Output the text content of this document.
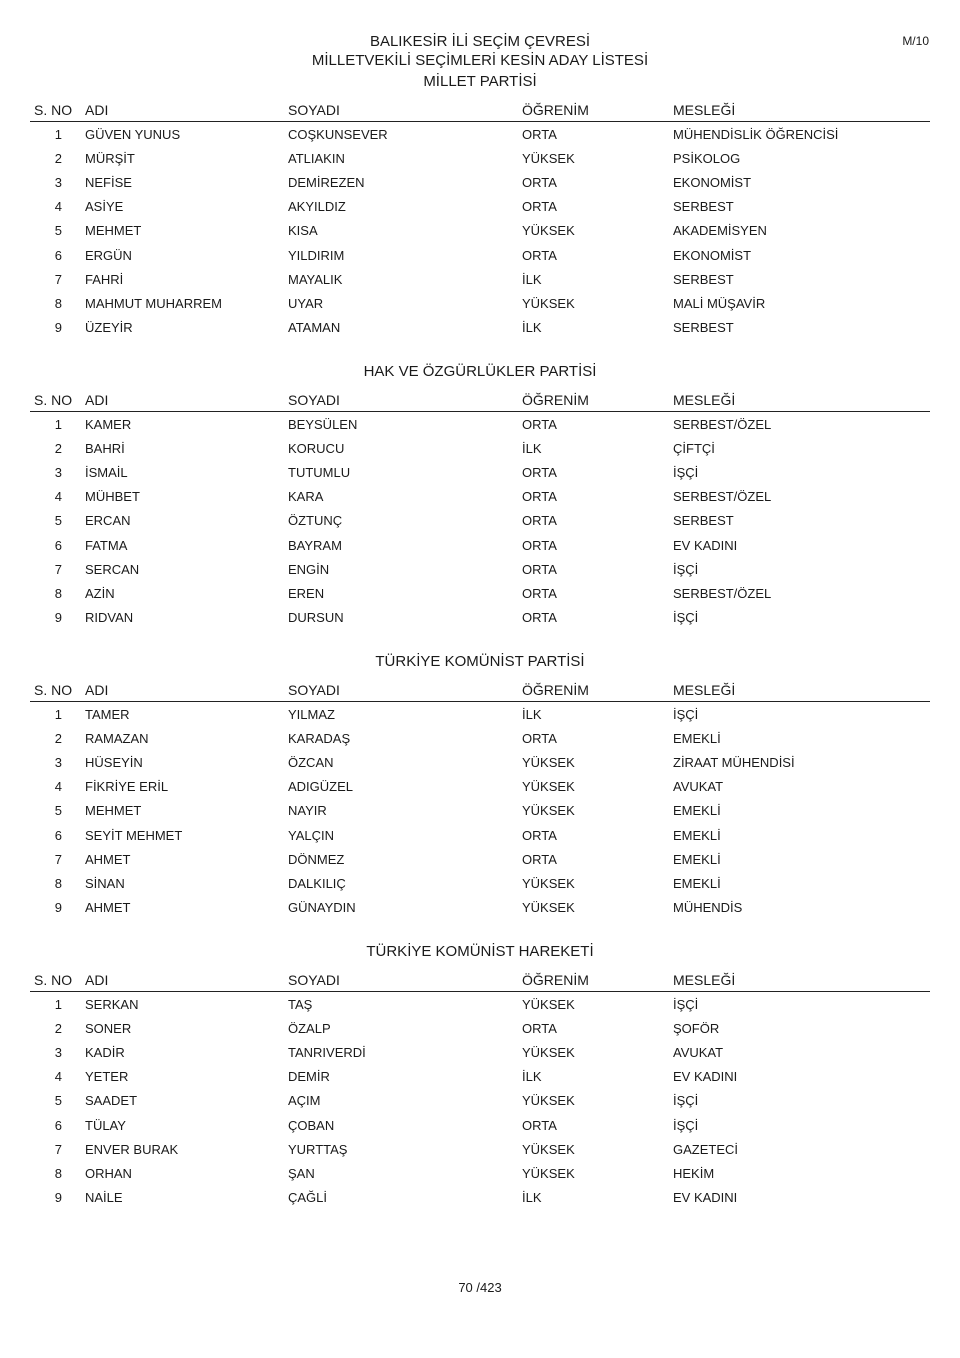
M/10
BALIKESİR İLİ SEÇİM ÇEVRESİ
MİLLETVEKİLİ SEÇİMLERİ KESİN ADAY LİSTESİ
MİLLET PARTİSİ
S. NO	ADI	SOYADI	ÖĞRENİM	MESLEĞİ
1	GÜVEN YUNUS	COŞKUNSEVER	ORTA	MÜHENDİSLİK ÖĞRENCİSİ
2	MÜRŞİT	ATLIAKIN	YÜKSEK	PSİKOLOG
3	NEFİSE	DEMİREZEN	ORTA	EKONOMİST
4	ASİYE	AKYILDIZ	ORTA	SERBEST
5	MEHMET	KISA	YÜKSEK	AKADEMİSYEN
6	ERGÜN	YILDIRIM	ORTA	EKONOMİST
7	FAHRİ	MAYALIK	İLK	SERBEST
8	MAHMUT MUHARREM	UYAR	YÜKSEK	MALİ MÜŞAVİR
9	ÜZEYİR	ATAMAN	İLK	SERBEST
HAK VE ÖZGÜRLÜKLER PARTİSİ
S. NO	ADI	SOYADI	ÖĞRENİM	MESLEĞİ
1	KAMER	BEYSÜLEN	ORTA	SERBEST/ÖZEL
2	BAHRİ	KORUCU	İLK	ÇİFTÇİ
3	İSMAİL	TUTUMLU	ORTA	İŞÇİ
4	MÜHBET	KARA	ORTA	SERBEST/ÖZEL
5	ERCAN	ÖZTUNÇ	ORTA	SERBEST
6	FATMA	BAYRAM	ORTA	EV KADINI
7	SERCAN	ENGİN	ORTA	İŞÇİ
8	AZİN	EREN	ORTA	SERBEST/ÖZEL
9	RIDVAN	DURSUN	ORTA	İŞÇİ
TÜRKİYE KOMÜNİST PARTİSİ
S. NO	ADI	SOYADI	ÖĞRENİM	MESLEĞİ
1	TAMER	YILMAZ	İLK	İŞÇİ
2	RAMAZAN	KARADAŞ	ORTA	EMEKLİ
3	HÜSEYİN	ÖZCAN	YÜKSEK	ZİRAAT MÜHENDİSİ
4	FİKRİYE ERİL	ADIGÜZEL	YÜKSEK	AVUKAT
5	MEHMET	NAYIR	YÜKSEK	EMEKLİ
6	SEYİT MEHMET	YALÇIN	ORTA	EMEKLİ
7	AHMET	DÖNMEZ	ORTA	EMEKLİ
8	SİNAN	DALKILIÇ	YÜKSEK	EMEKLİ
9	AHMET	GÜNAYDIN	YÜKSEK	MÜHENDİS
TÜRKİYE KOMÜNİST HAREKETİ
S. NO	ADI	SOYADI	ÖĞRENİM	MESLEĞİ
1	SERKAN	TAŞ	YÜKSEK	İŞÇİ
2	SONER	ÖZALP	ORTA	ŞOFÖR
3	KADİR	TANRIVERDİ	YÜKSEK	AVUKAT
4	YETER	DEMİR	İLK	EV KADINI
5	SAADET	AÇIM	YÜKSEK	İŞÇİ
6	TÜLAY	ÇOBAN	ORTA	İŞÇİ
7	ENVER BURAK	YURTTAŞ	YÜKSEK	GAZETECİ
8	ORHAN	ŞAN	YÜKSEK	HEKİM
9	NAİLE	ÇAĞLİ	İLK	EV KADINI
70 /423
